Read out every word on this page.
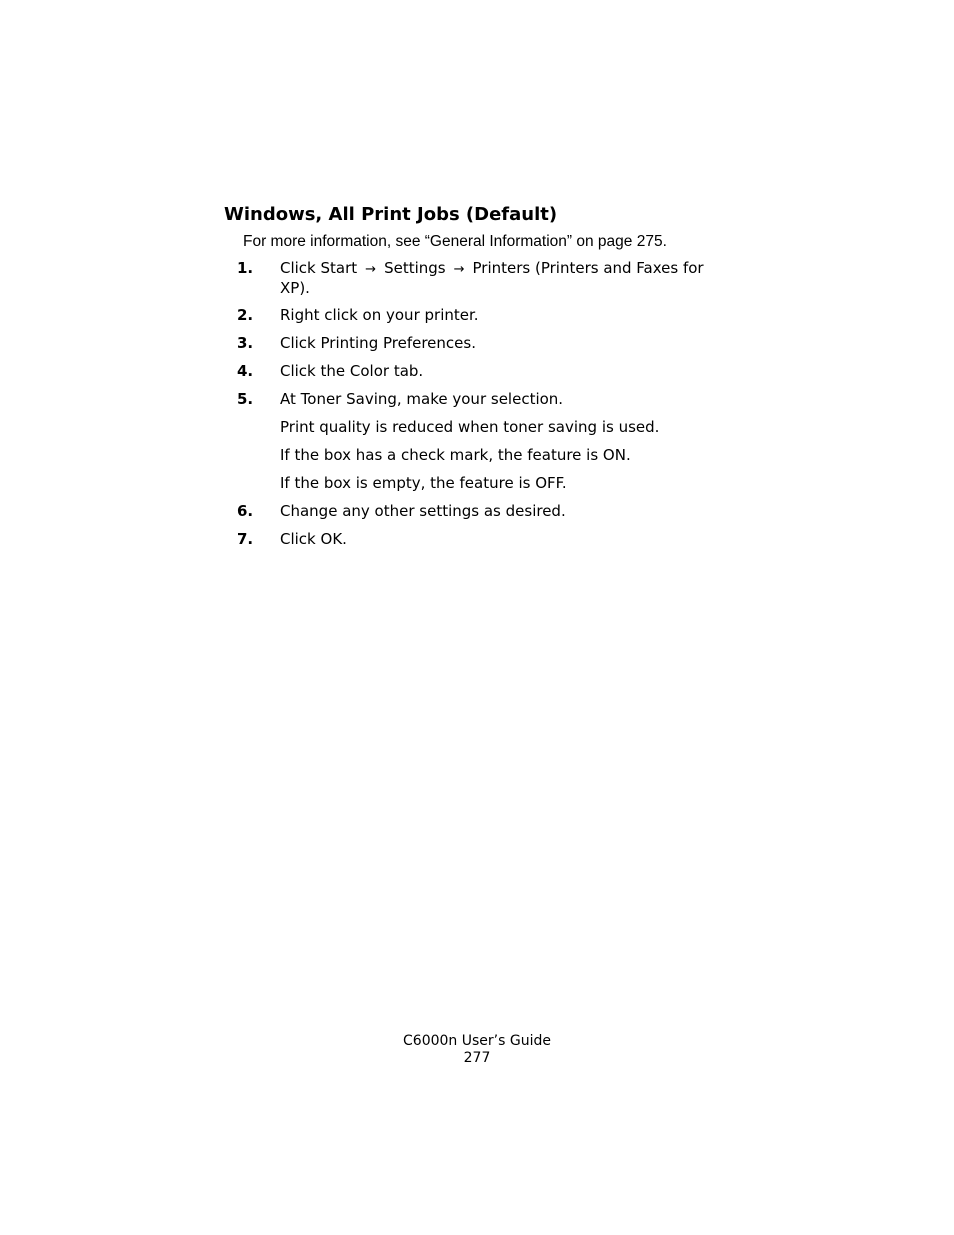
Windows, All Print Jobs (Default)
For more information, see “General Information” on page 275.
1. Click Start → Settings → Printers (Printers and Faxes for XP).
2. Right click on your printer.
3. Click Printing Preferences.
4. Click the Color tab.
5. At Toner Saving, make your selection.
Print quality is reduced when toner saving is used.
If the box has a check mark, the feature is ON.
If the box is empty, the feature is OFF.
6. Change any other settings as desired.
7. Click OK.
C6000n User’s Guide
277
